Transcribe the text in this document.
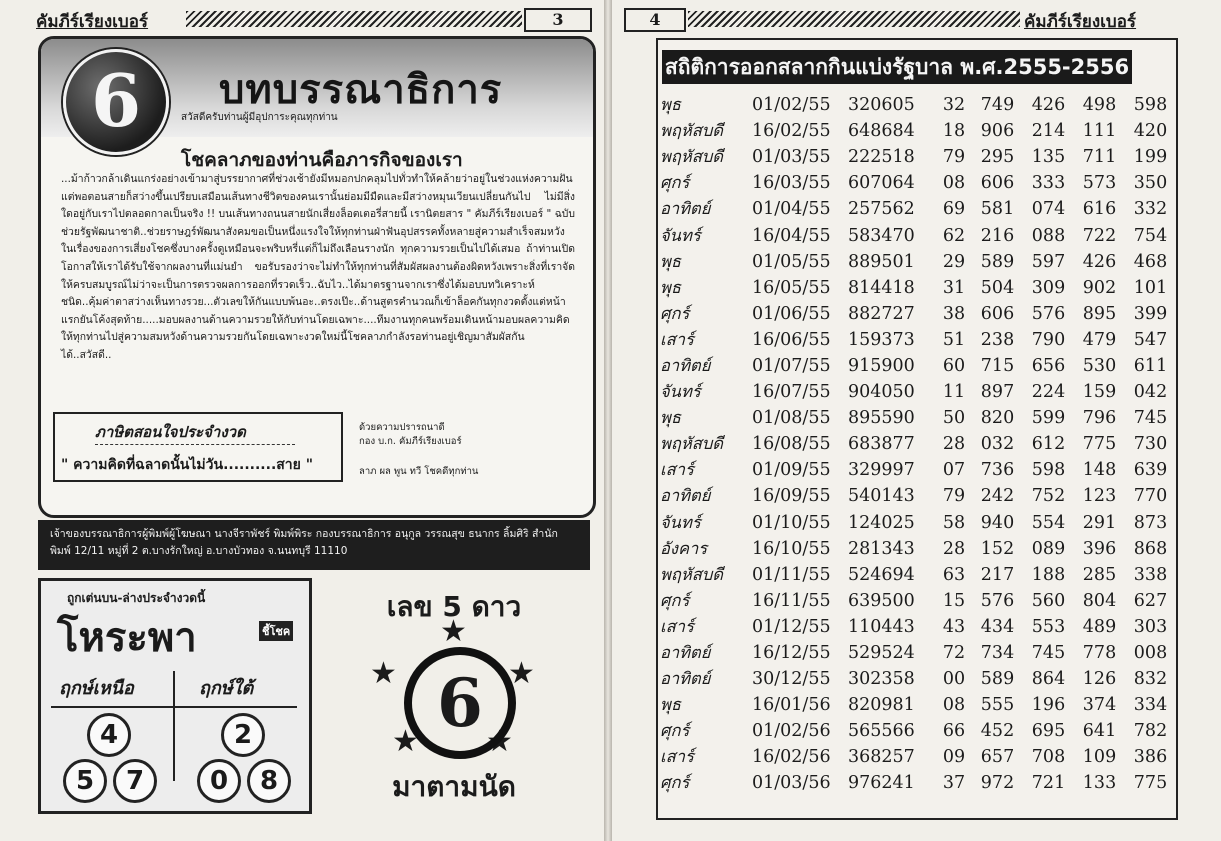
คัมภีร์เรียงเบอร์	3
6	บทบรรณาธิการ
สวัสดีครับท่านผู้มีอุปการะคุณทุกท่าน
โชคลาภของท่านคือภารกิจของเรา

...ม้าก้าวกล้าเดินแกร่งอย่างเข้ามาสู่บรรยากาศที่ช่วงเช้ายังมีหมอกปกคลุมไปทั่วทำให้คล้ายว่าอยู่ในช่วงแห่งความฝัน แต่พอตอนสายก็สว่างขึ้นเปรียบเสมือนเส้นทางชีวิตของคนเรานั้นย่อมมีมืดและมีสว่างหมุนเวียนเปลี่ยนกันไป ไม่มีสิ่งใดอยู่กับเราไปตลอดกาลเป็นจริง !! บนเส้นทางถนนสายนักเสี่ยงล็อตเตอรี่สายนี้ เรานิตยสาร " คัมภีร์เรียงเบอร์ " ฉบับช่วยรัฐพัฒนาชาติ..ช่วยราษฎร์พัฒนาสังคมขอเป็นหนึ่งแรงใจให้ทุกท่านฝ่าฟันอุปสรรคทั้งหลายสู่ความสำเร็จสมหวังในเรื่องของการเสี่ยงโชคซึ่งบางครั้งดูเหมือนจะพริบหรี่แต่ก็ไม่ถึงเลือนรางนัก ทุกความรวยเป็นไปได้เสมอ ถ้าท่านเปิดโอกาสให้เราได้รับใช้จากผลงานที่แม่นยำ ขอรับรองว่าจะไม่ทำให้ทุกท่านที่สัมผัสผลงานต้องผิดหวังเพราะสิ่งที่เราจัดให้ครบสมบูรณ์ไม่ว่าจะเป็นการตรวจผลการออกที่รวดเร็ว..ฉับไว..ได้มาตรฐานจากเราซึ่งได้มอบบทวิเคราะห์ชนิด..คุ้มค่าตาสว่างเห็นทางรวย...ตัวเลขให้กันแบบพ้นอะ..ตรงเป๊ะ..ด้านสูตรคำนวณก็เข้าล็อคกันทุกงวดตั้งแต่หน้าแรกยันโค้งสุดท้าย.....มอบผลงานด้านความรวยให้กับท่านโดยเฉพาะ....ทีมงานทุกคนพร้อมเดินหน้ามอบผลความคิดให้ทุกท่านไปสู่ความสมหวังด้านความรวยกันโดยเฉพาะงวดใหม่นี้โชคลาภกำลังรอท่านอยู่เชิญมาสัมผัสกันได้..สวัสดี..

ภาษิตสอนใจประจำงวด
" ความคิดที่ฉลาดนั้นไม่วัน..........สาย "
ด้วยความปรารถนาดี
กอง บ.ก. คัมภีร์เรียงเบอร์
ลาภ ผล พูน ทวี โชคดีทุกท่าน
เจ้าของบรรณาธิการผู้พิมพ์ผู้โฆษณา นางจีราพัชร์ พิมพ์พิระ กองบรรณาธิการ อนุกูล วรรณสุข ธนากร ลิ้มศิริ สำนักพิมพ์ 12/11 หมู่ที่ 2 ต.บางรักใหญ่ อ.บางบัวทอง จ.นนทบุรี 11110
ถูกเต่นบน-ล่างประจำงวดนี้
โหระพา	ชี้โชค
ฤกษ์เหนือ	ฤกษ์ใต้
4
5	7
2
0	8
เลข 5 ดาว
★
★	★
★ ★
6
มาตามนัด
4	คัมภีร์เรียงเบอร์
สถิติการออกสลากกินแบ่งรัฐบาล พ.ศ.2555-2556
พุธ	01/02/55	320605	32	749	426	498	598
พฤหัสบดี	16/02/55	648684	18	906	214	111	420
พฤหัสบดี	01/03/55	222518	79	295	135	711	199
ศุกร์	16/03/55	607064	08	606	333	573	350
อาทิตย์	01/04/55	257562	69	581	074	616	332
จันทร์	16/04/55	583470	62	216	088	722	754
พุธ	01/05/55	889501	29	589	597	426	468
พุธ	16/05/55	814418	31	504	309	902	101
ศุกร์	01/06/55	882727	38	606	576	895	399
เสาร์	16/06/55	159373	51	238	790	479	547
อาทิตย์	01/07/55	915900	60	715	656	530	611
จันทร์	16/07/55	904050	11	897	224	159	042
พุธ	01/08/55	895590	50	820	599	796	745
พฤหัสบดี	16/08/55	683877	28	032	612	775	730
เสาร์	01/09/55	329997	07	736	598	148	639
อาทิตย์	16/09/55	540143	79	242	752	123	770
จันทร์	01/10/55	124025	58	940	554	291	873
อังคาร	16/10/55	281343	28	152	089	396	868
พฤหัสบดี	01/11/55	524694	63	217	188	285	338
ศุกร์	16/11/55	639500	15	576	560	804	627
เสาร์	01/12/55	110443	43	434	553	489	303
อาทิตย์	16/12/55	529524	72	734	745	778	008
อาทิตย์	30/12/55	302358	00	589	864	126	832
พุธ	16/01/56	820981	08	555	196	374	334
ศุกร์	01/02/56	565566	66	452	695	641	782
เสาร์	16/02/56	368257	09	657	708	109	386
ศุกร์	01/03/56	976241	37	972	721	133	775
